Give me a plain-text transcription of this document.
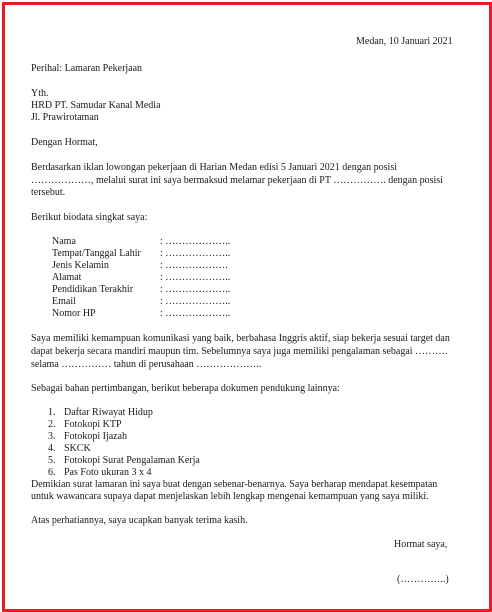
Medan, 10 Januari 2021
Perihal: Lamaran Pekerjaan
Yth.
HRD PT. Samudar Kanal Media
Jl. Prawirotaman
Dengan Hormat,
Berdasarkan iklan lowongan pekerjaan di Harian Medan edisi 5 Januari 2021 dengan posisi
………………, melalui surat ini saya bermaksud melamar pekerjaan di PT ……………. dengan posisi
tersebut.
Berikut biodata singkat saya:
Nama	: ………………..
Tempat/Tanggal Lahir : ………………..
Jenis Kelamin	: ……………….
Alamat	: ………………..
Pendidikan Terakhir	: ………………..
Email	: ………………..
Nomor HP	: ………………..
Saya memiliki kemampuan komunikasi yang baik, berbahasa Inggris aktif, siap bekerja sesuai target dan
dapat bekerja secara mandiri maupun tim. Sebelumnya saya juga memiliki pengalaman sebagai ……….
selama …………… tahun di perusahaan ………………..
Sebagai bahan pertimbangan, berikut beberapa dokumen pendukung lainnya:
1. Daftar Riwayat Hidup
2. Fotokopi KTP
3. Fotokopi Ijazah
4. SKCK
5. Fotokopi Surat Pengalaman Kerja
6. Pas Foto ukuran 3 x 4
Demikian surat lamaran ini saya buat dengan sebenar-benarnya. Saya berharap mendapat kesempatan
untuk wawancara supaya dapat menjelaskan lebih lengkap mengenai kemampuan yang saya miliki.
Atas perhatiannya, saya ucapkan banyak terima kasih.
Hormat saya,
(…………..)
